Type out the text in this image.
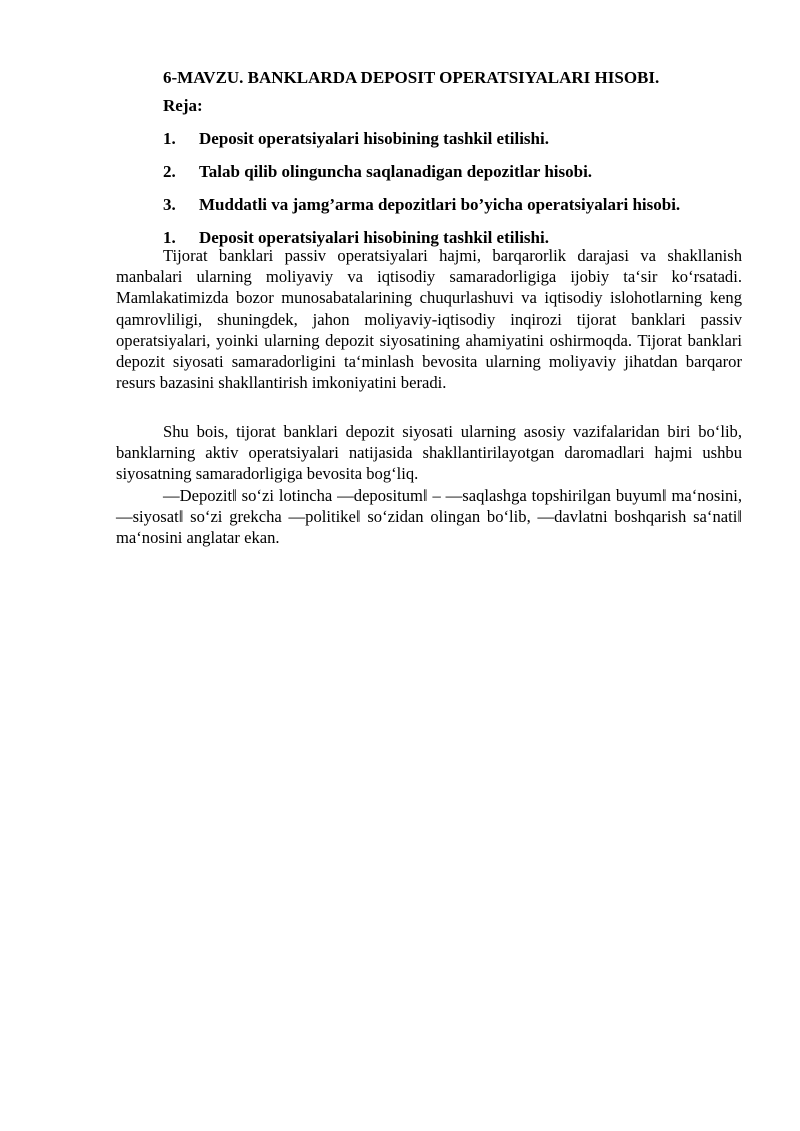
6-MAVZU. BANKLARDA DEPOSIT OPERATSIYALARI HISOBI.
Reja:
1. Deposit operatsiyalari hisobining tashkil etilishi.
2. Talab qilib olinguncha saqlanadigan depozitlar hisobi.
3. Muddatli va jamg’arma depozitlari bo’yicha operatsiyalari hisobi.
1. Deposit operatsiyalari hisobining tashkil etilishi.

Tijorat banklari passiv operatsiyalari hajmi, barqarorlik darajasi va shakllanish manbalari ularning moliyaviy va iqtisodiy samaradorligiga ijobiy ta‘sir ko‘rsatadi. Mamlakatimizda bozor munosabatalarining chuqurlashuvi va iqtisodiy islohotlarning keng qamrovliligi, shuningdek, jahon moliyaviy-iqtisodiy inqirozi tijorat banklari passiv operatsiyalari, yoinki ularning depozit siyosatining ahamiyatini oshirmoqda. Tijorat banklari depozit siyosati samaradorligini ta‘minlash bevosita ularning moliyaviy jihatdan barqaror resurs bazasini shakllantirish imkoniyatini beradi.

Shu bois, tijorat banklari depozit siyosati ularning asosiy vazifalaridan biri bo‘lib, banklarning aktiv operatsiyalari natijasida shakllantirilayotgan daromadlari hajmi ushbu siyosatning samaradorligiga bevosita bog‘liq.

―Depozit‖ so‘zi lotincha ―depositum‖ – ―saqlashga topshirilgan buyum‖ ma‘nosini, ―siyosat‖ so‘zi grekcha ―politike‖ so‘zidan olingan bo‘lib, ―davlatni boshqarish sa‘nati‖ ma‘nosini anglatar ekan.
